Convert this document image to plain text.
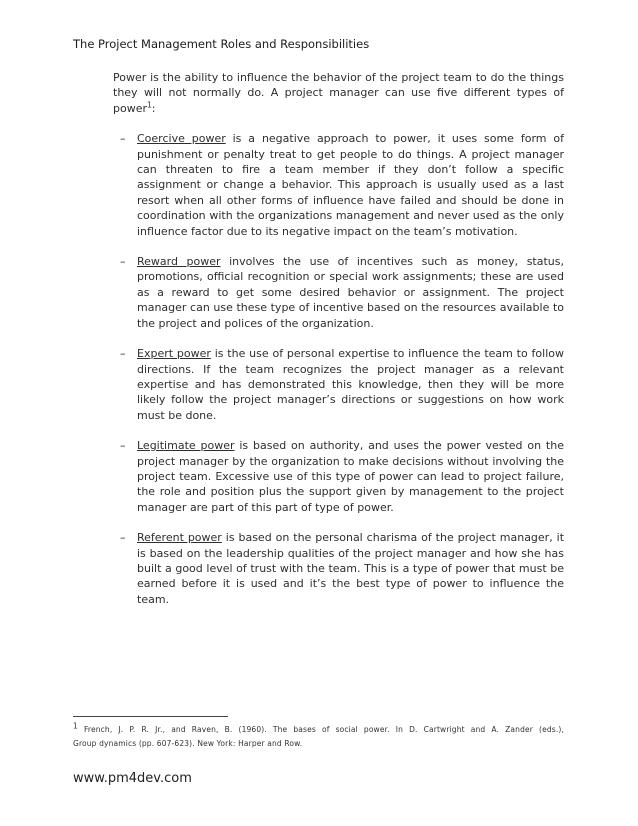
The Project Management Roles and Responsibilities

Power is the ability to influence the behavior of the project team to do the things they will not normally do. A project manager can use five different types of power$^1$:

–	Coercive power is a negative approach to power, it uses some form of punishment or penalty treat to get people to do things. A project manager can threaten to fire a team member if they don’t follow a specific assignment or change a behavior. This approach is usually used as a last resort when all other forms of influence have failed and should be done in coordination with the organizations management and never used as the only influence factor due to its negative impact on the team’s motivation.

–	Reward power involves the use of incentives such as money, status, promotions, official recognition or special work assignments; these are used as a reward to get some desired behavior or assignment. The project manager can use these type of incentive based on the resources available to the project and polices of the organization.

–	Expert power is the use of personal expertise to influence the team to follow directions. If the team recognizes the project manager as a relevant expertise and has demonstrated this knowledge, then they will be more likely follow the project manager’s directions or suggestions on how work must be done.

–	Legitimate power is based on authority, and uses the power vested on the project manager by the organization to make decisions without involving the project team. Excessive use of this type of power can lead to project failure, the role and position plus the support given by management to the project manager are part of this part of type of power.

–	Referent power is based on the personal charisma of the project manager, it is based on the leadership qualities of the project manager and how she has built a good level of trust with the team. This is a type of power that must be earned before it is used and it’s the best type of power to influence the team.

$^1$ French, J. P. R. Jr., and Raven, B. (1960). The bases of social power. In D. Cartwright and A. Zander (eds.),
Group dynamics (pp. 607-623). New York: Harper and Row.
www.pm4dev.com
